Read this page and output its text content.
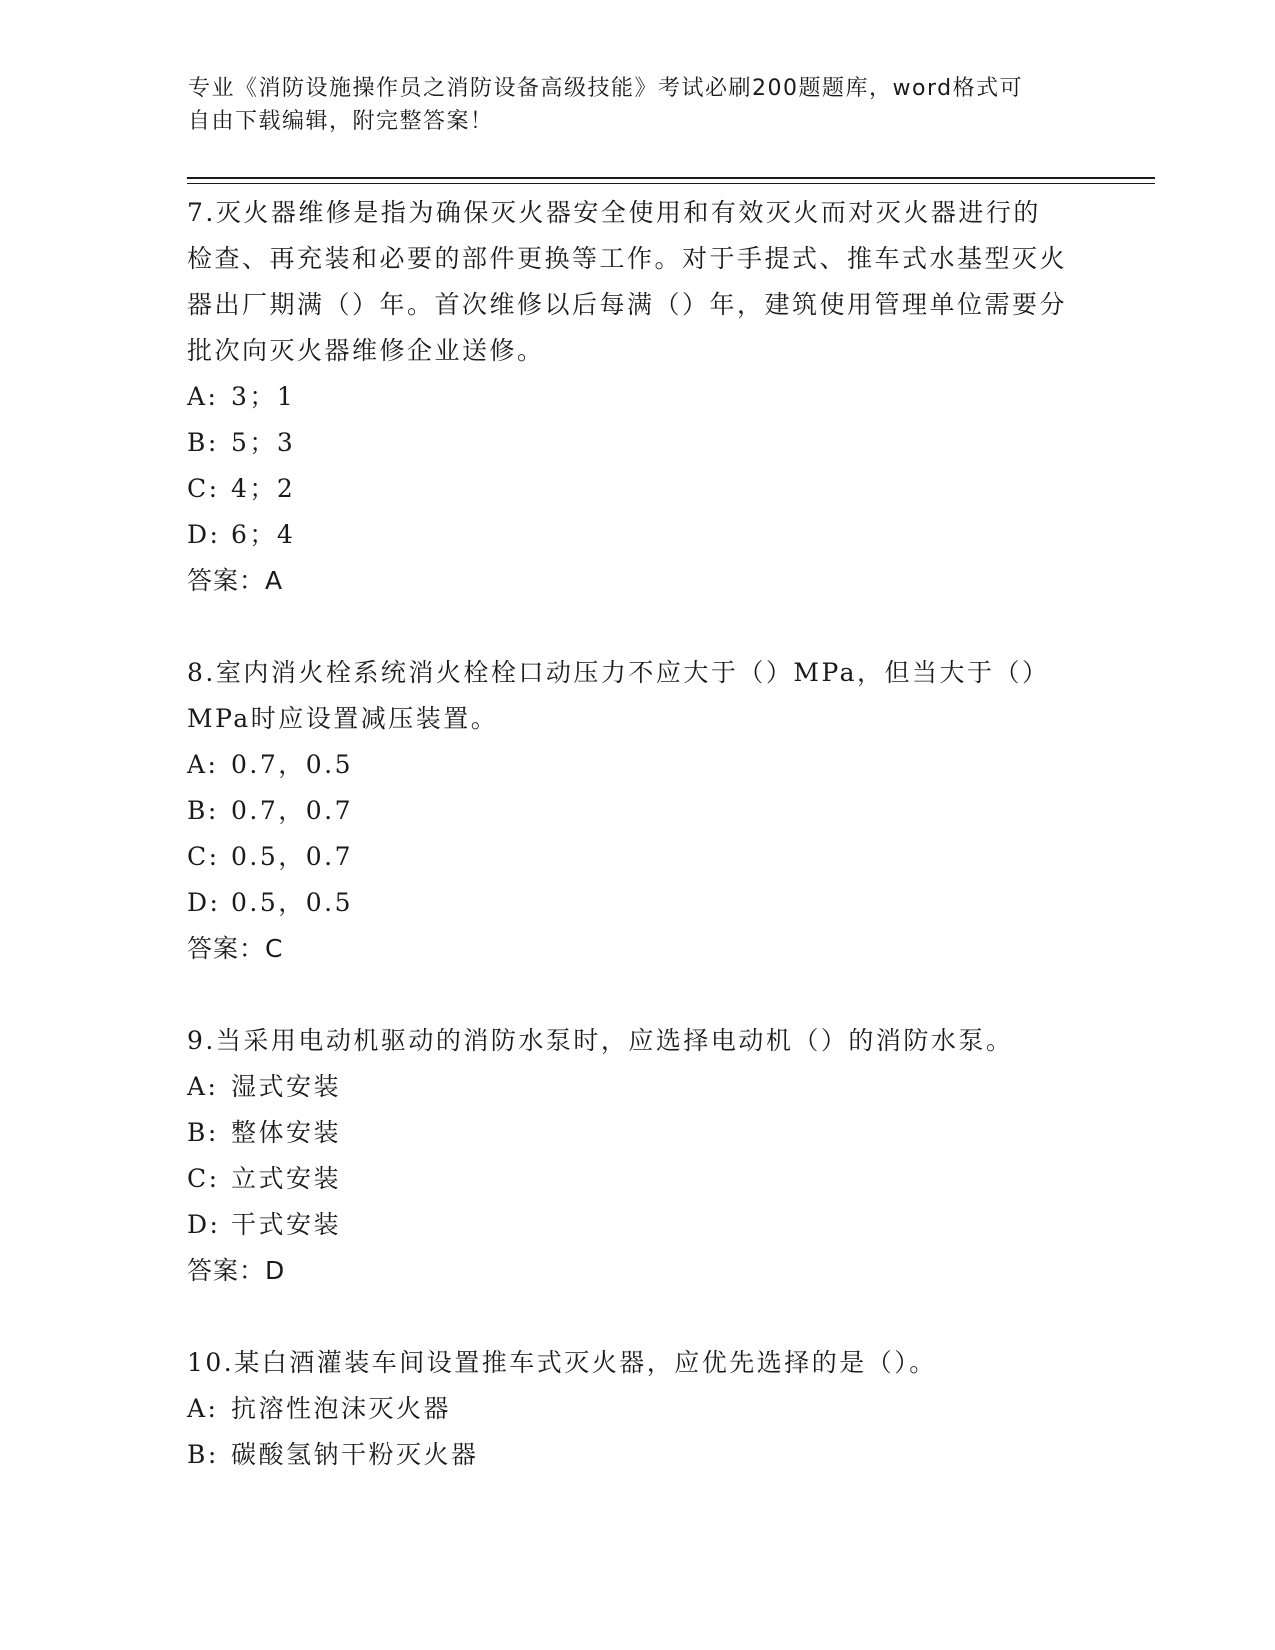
专业《消防设施操作员之消防设备高级技能》考试必刷200题题库，word格式可
自由下载编辑，附完整答案！

7.灭火器维修是指为确保灭火器安全使用和有效灭火而对灭火器进行的检查、再充装和必要的部件更换等工作。对于手提式、推车式水基型灭火器出厂期满（）年。首次维修以后每满（）年，建筑使用管理单位需要分批次向灭火器维修企业送修。

A: 3；1
B: 5；3
C: 4；2
D: 6；4
答案：A

8.室内消火栓系统消火栓栓口动压力不应大于（）MPa，但当大于（）MPa时应设置减压装置。

A: 0.7，0.5
B: 0.7，0.7
C: 0.5，0.7
D: 0.5，0.5
答案：C

9.当采用电动机驱动的消防水泵时，应选择电动机（）的消防水泵。

A: 湿式安装
B: 整体安装
C: 立式安装
D: 干式安装
答案：D

10.某白酒灌装车间设置推车式灭火器，应优先选择的是（）。

A: 抗溶性泡沫灭火器
B: 碳酸氢钠干粉灭火器
